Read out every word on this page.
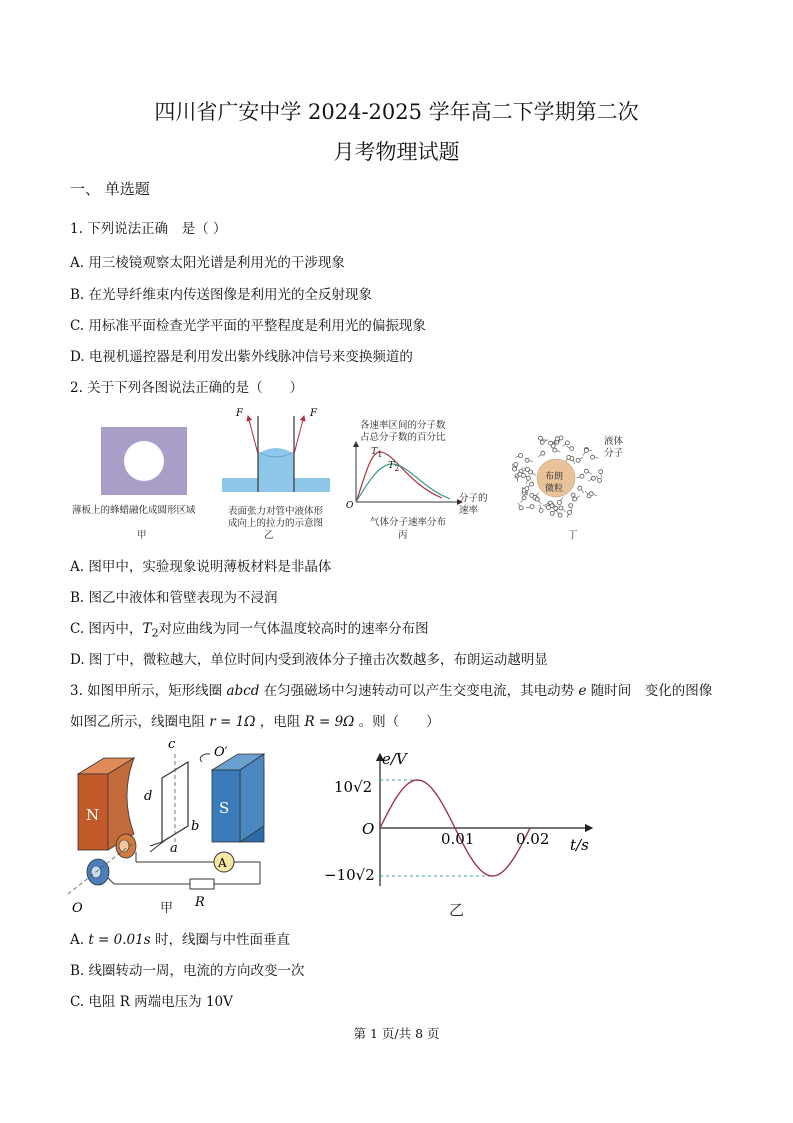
四川省广安中学 2024-2025 学年高二下学期第二次
月考物理试题
一、 单选题
1. 下列说法正确　是（ ）
A. 用三棱镜观察太阳光谱是利用光的干涉现象
B. 在光导纤维束内传送图像是利用光的全反射现象
C. 用标准平面检查光学平面的平整程度是利用光的偏振现象
D. 电视机遥控器是利用发出紫外线脉冲信号来变换频道的
2. 关于下列各图说法正确的是（　　）
薄板上的蜂蜡融化成圆形区域
甲
F	F
表面张力对管中液体形
成向上的拉力的示意图
乙
各速率区间的分子数
占总分子数的百分比
O
$T_1$
$T_2$
分子的
速率
气体分子速率分布
丙
布朗
微粒
液体
分子
丁
A. 图甲中，实验现象说明薄板材料是非晶体
B. 图乙中液体和管壁表现为不浸润
C. 图丙中，$T_2$对应曲线为同一气体温度较高时的速率分布图
D. 图丁中，微粒越大，单位时间内受到液体分子撞击次数越多，布朗运动越明显
3. 如图甲所示，矩形线圈 abcd 在匀强磁场中匀速转动可以产生交变电流，其电动势 e 随时间　变化的图像
如图乙所示，线圈电阻 r = 1Ω ，电阻 R = 9Ω 。则（　　）
N	S
c
d
b
a
O′
A
R
O	甲
e/V
10√2
−10√2
O
0.01	0.02 t/s
乙
A. t = 0.01s 时，线圈与中性面垂直
B. 线圈转动一周，电流的方向改变一次
C. 电阻 R 两端电压为 10V
第 1 页/共 8 页
